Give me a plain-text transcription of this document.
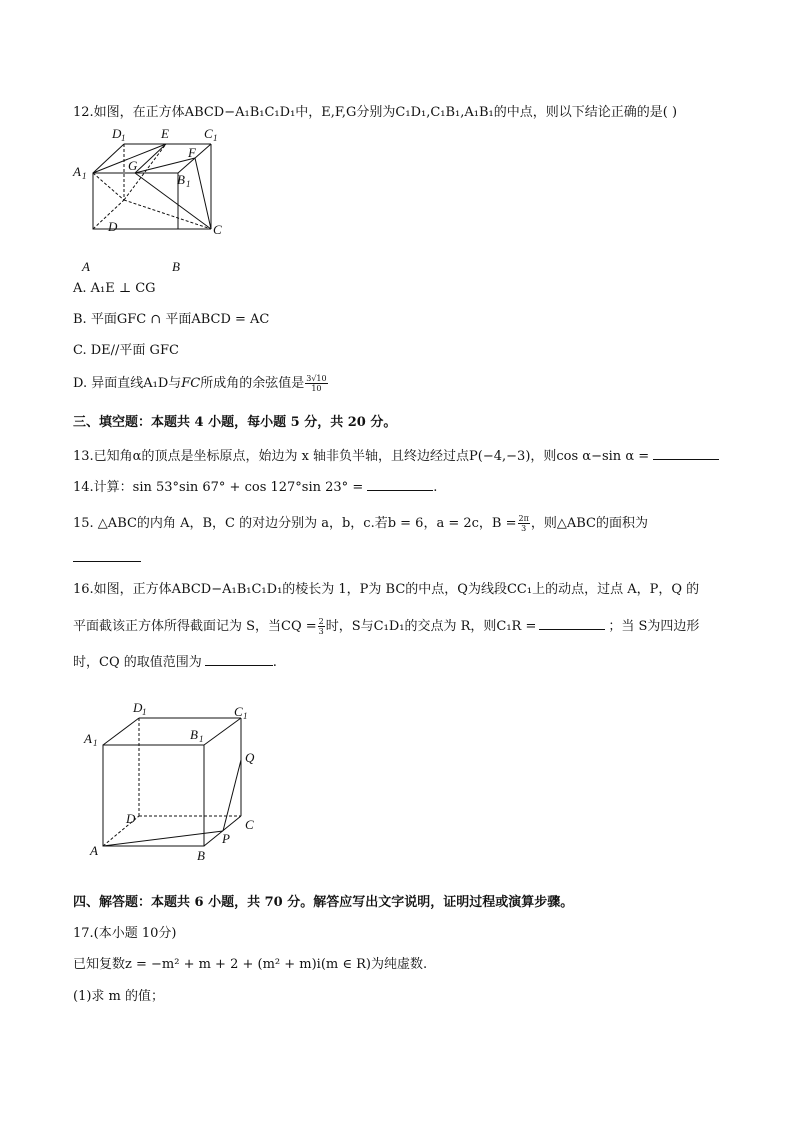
12.如图，在正方体ABCD−A₁B₁C₁D₁中，E,F,G分别为C₁D₁,C₁B₁,A₁B₁的中点，则以下结论正确的是( )
D 1	E	C 1
F
G
A 1	B 1
D	C
A	B
A. A₁E ⊥ CG
B. 平面GFC ∩ 平面ABCD = AC
C. DE//平面 GFC
D. 异面直线A₁D与FC所成角的余弦值是 $\frac{3√10}{10}$
三、填空题：本题共 4 小题，每小题 5 分，共 20 分。
13.已知角α的顶点是坐标原点，始边为 x 轴非负半轴，且终边经过点P(−4,−3)，则cos α−sin α =
14.计算：sin 53°sin 67° + cos 127°sin 23° =	.
15. △ABC的内角 A，B，C 的对边分别为 a，b，c.若b = 6，a = 2c，$B = \frac{2\pi}{3}$ ，则△ABC的面积为
16.如图，正方体ABCD−A₁B₁C₁D₁的棱长为 1，P为 BC的中点，Q为线段CC₁上的动点，过点 A，P，Q 的
平面截该正方体所得截面记为 S，当CQ = $\frac{2}{3}$ 时，S与C₁D₁的交点为 R，则C₁R =	；当 S为四边形
时，CQ 的取值范围为	.
D 1	C 1
A 1
B 1
Q
D	C
P
A	B
四、解答题：本题共 6 小题，共 70 分。解答应写出文字说明，证明过程或演算步骤。
17.(本小题 10分)
已知复数z = −m² + m + 2 + (m² + m)i(m ∈ R)为纯虚数.
(1)求 m 的值；
